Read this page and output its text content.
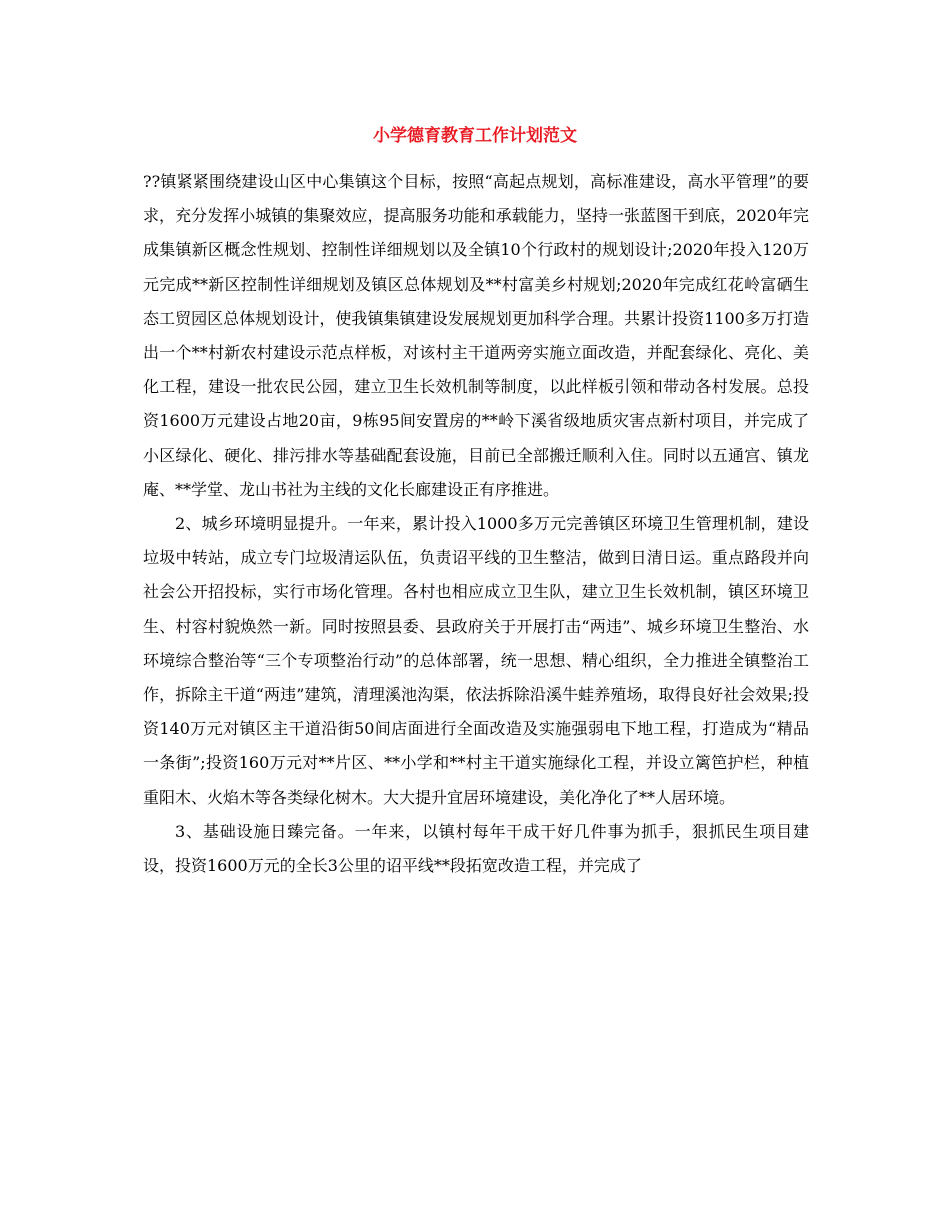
小学德育教育工作计划范文

??镇紧紧围绕建设山区中心集镇这个目标，按照“高起点规划，高标准建设，高水平管理”的要求，充分发挥小城镇的集聚效应，提高服务功能和承载能力，坚持一张蓝图干到底，2020年完成集镇新区概念性规划、控制性详细规划以及全镇10个行政村的规划设计;2020年投入120万元完成**新区控制性详细规划及镇区总体规划及**村富美乡村规划;2020年完成红花岭富硒生态工贸园区总体规划设计，使我镇集镇建设发展规划更加科学合理。共累计投资1100多万打造出一个**村新农村建设示范点样板，对该村主干道两旁实施立面改造，并配套绿化、亮化、美化工程，建设一批农民公园，建立卫生长效机制等制度，以此样板引领和带动各村发展。总投资1600万元建设占地20亩，9栋95间安置房的**岭下溪省级地质灾害点新村项目，并完成了小区绿化、硬化、排污排水等基础配套设施，目前已全部搬迁顺利入住。同时以五通宫、镇龙庵、**学堂、龙山书社为主线的文化长廊建设正有序推进。

2、城乡环境明显提升。一年来，累计投入1000多万元完善镇区环境卫生管理机制，建设垃圾中转站，成立专门垃圾清运队伍，负责诏平线的卫生整洁，做到日清日运。重点路段并向社会公开招投标，实行市场化管理。各村也相应成立卫生队，建立卫生长效机制，镇区环境卫生、村容村貌焕然一新。同时按照县委、县政府关于开展打击“两违”、城乡环境卫生整治、水环境综合整治等“三个专项整治行动”的总体部署，统一思想、精心组织，全力推进全镇整治工作，拆除主干道“两违”建筑，清理溪池沟渠，依法拆除沿溪牛蛙养殖场，取得良好社会效果;投资140万元对镇区主干道沿街50间店面进行全面改造及实施强弱电下地工程，打造成为“精品一条街”;投资160万元对**片区、**小学和**村主干道实施绿化工程，并设立篱笆护栏，种植重阳木、火焰木等各类绿化树木。大大提升宜居环境建设，美化净化了**人居环境。

3、基础设施日臻完备。一年来，以镇村每年干成干好几件事为抓手，狠抓民生项目建设，投资1600万元的全长3公里的诏平线**段拓宽改造工程，并完成了
